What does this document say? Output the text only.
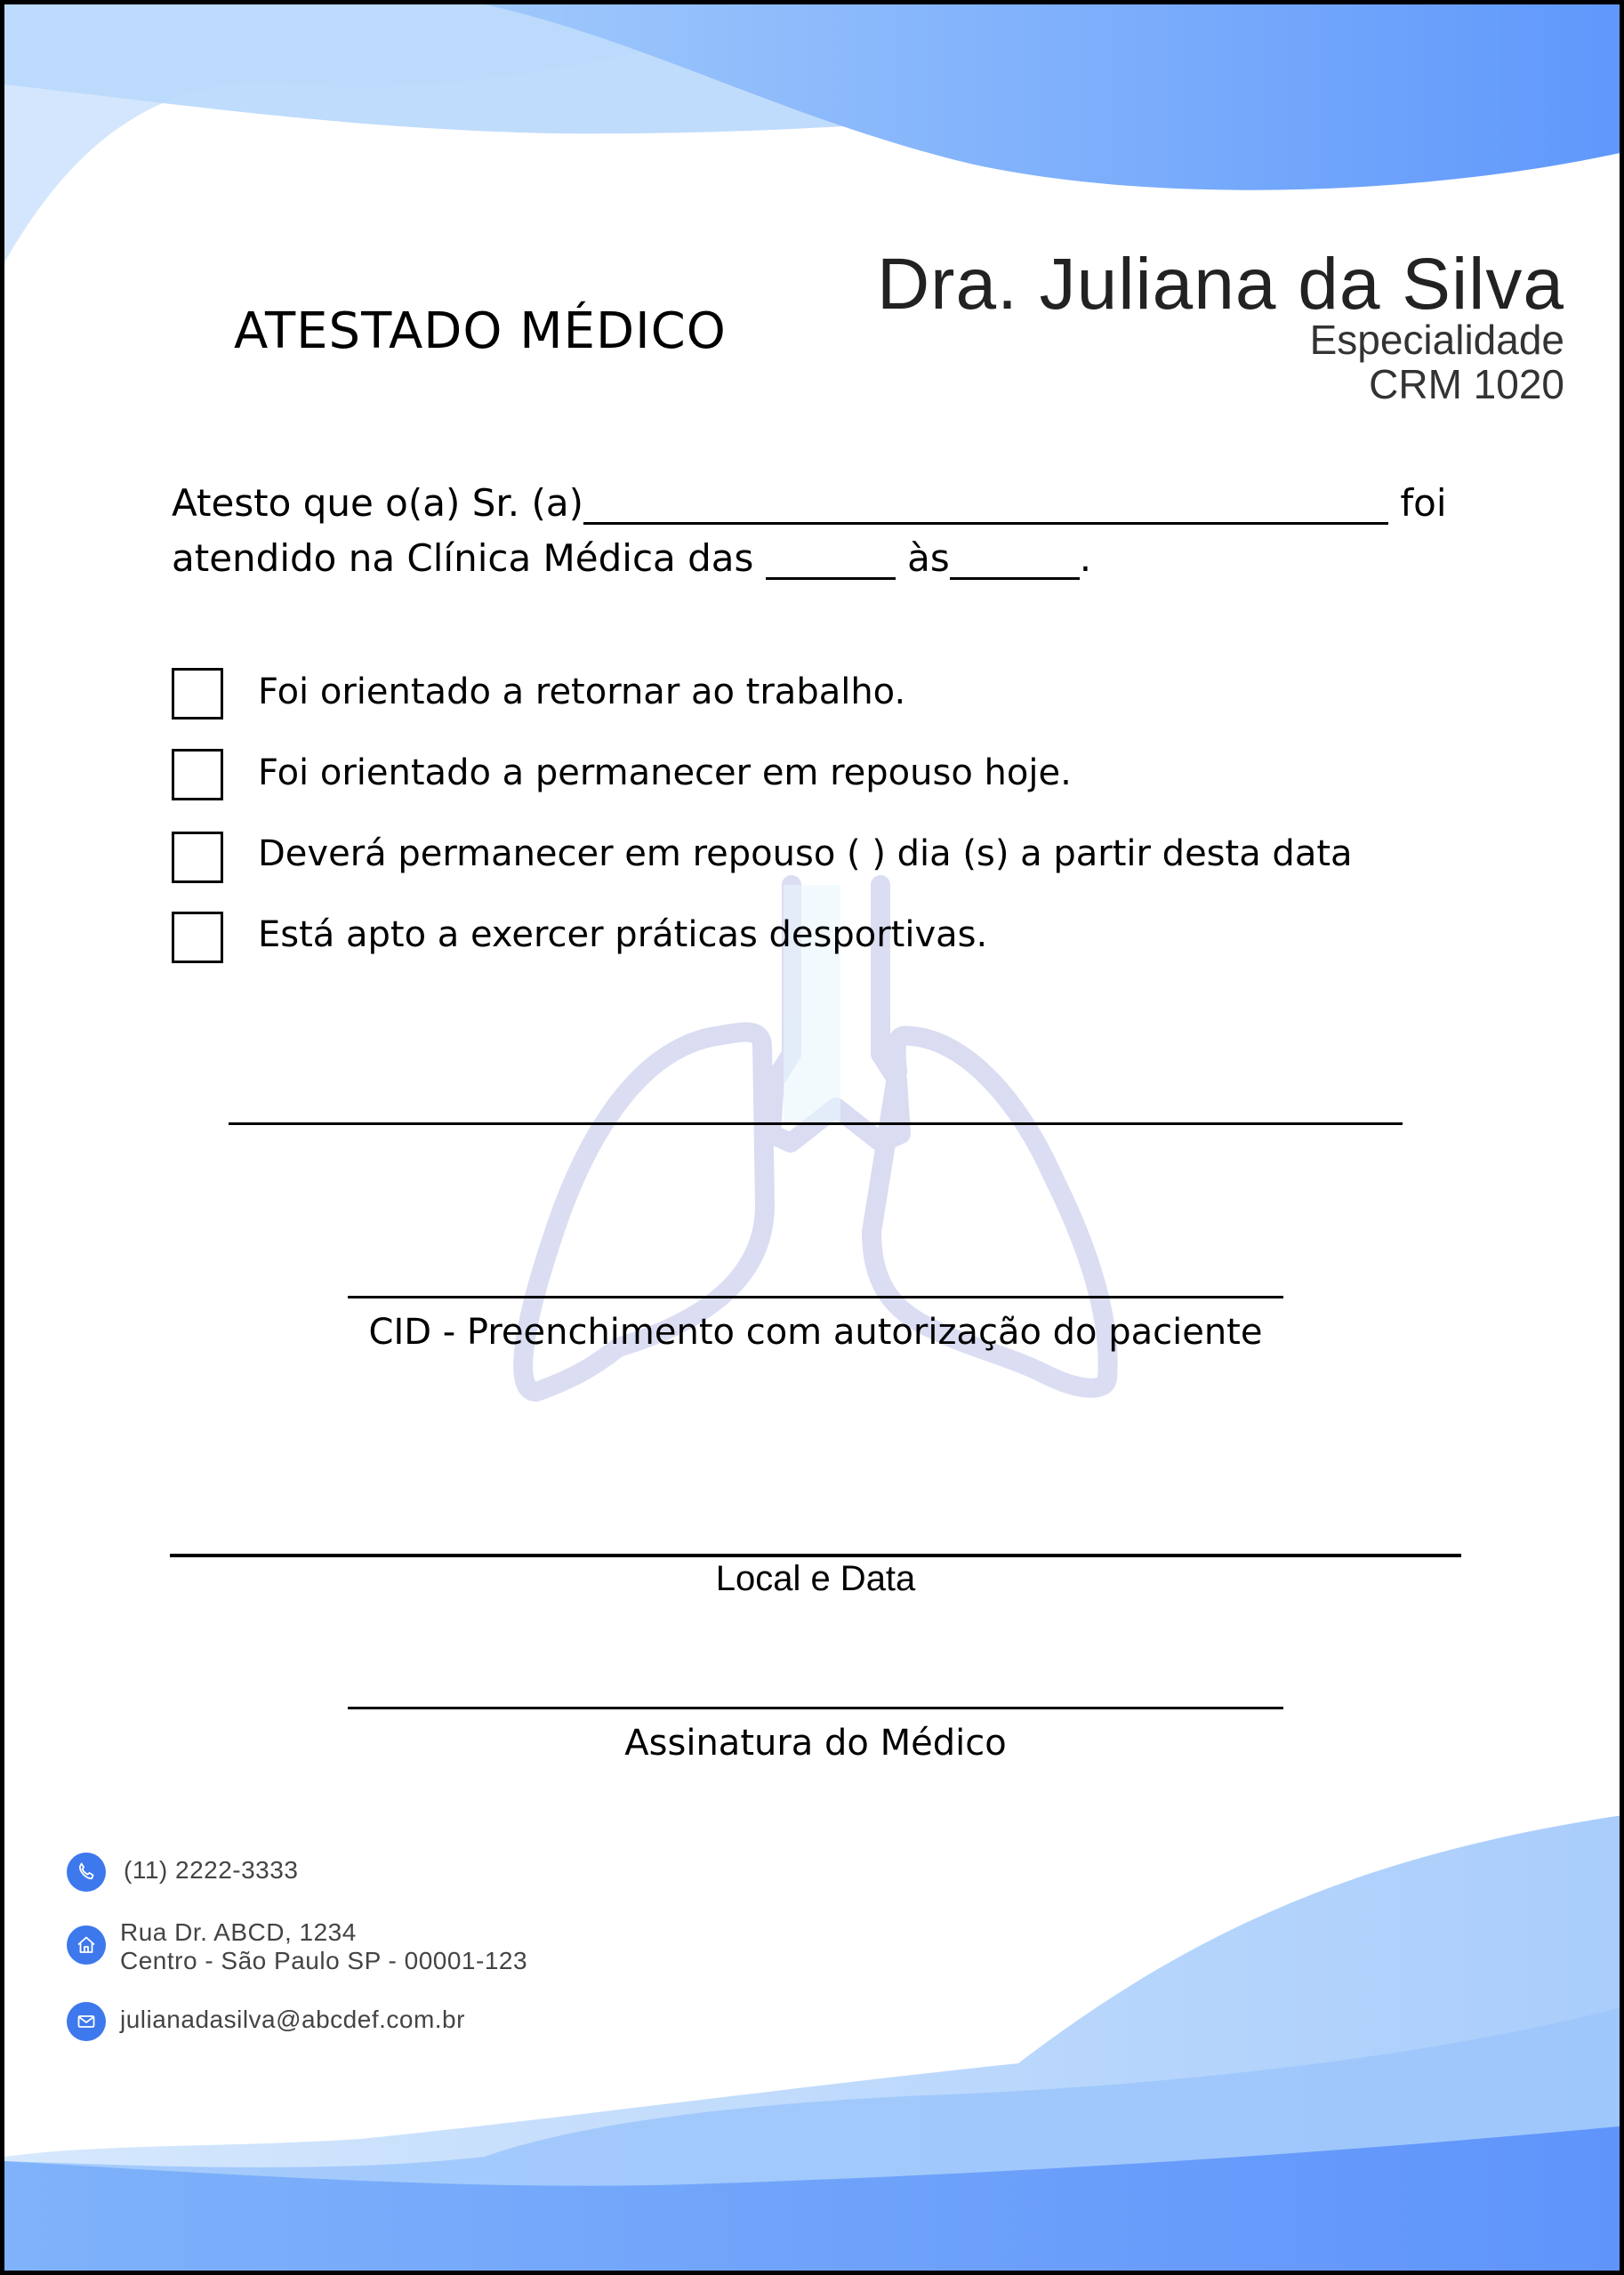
ATESTADO MÉDICO
Dra. Juliana da Silva
Especialidade
CRM 1020
Atesto que o(a) Sr. (a)	foi
atendido na Clínica Médica das	às	.
Foi orientado a retornar ao trabalho.
Foi orientado a permanecer em repouso hoje.
Deverá permanecer em repouso ( ) dia (s) a partir desta data
Está apto a exercer práticas desportivas.
CID - Preenchimento com autorização do paciente
Local e Data
Assinatura do Médico
(11) 2222-3333
Rua Dr. ABCD, 1234
Centro - São Paulo SP - 00001-123
julianadasilva@abcdef.com.br
